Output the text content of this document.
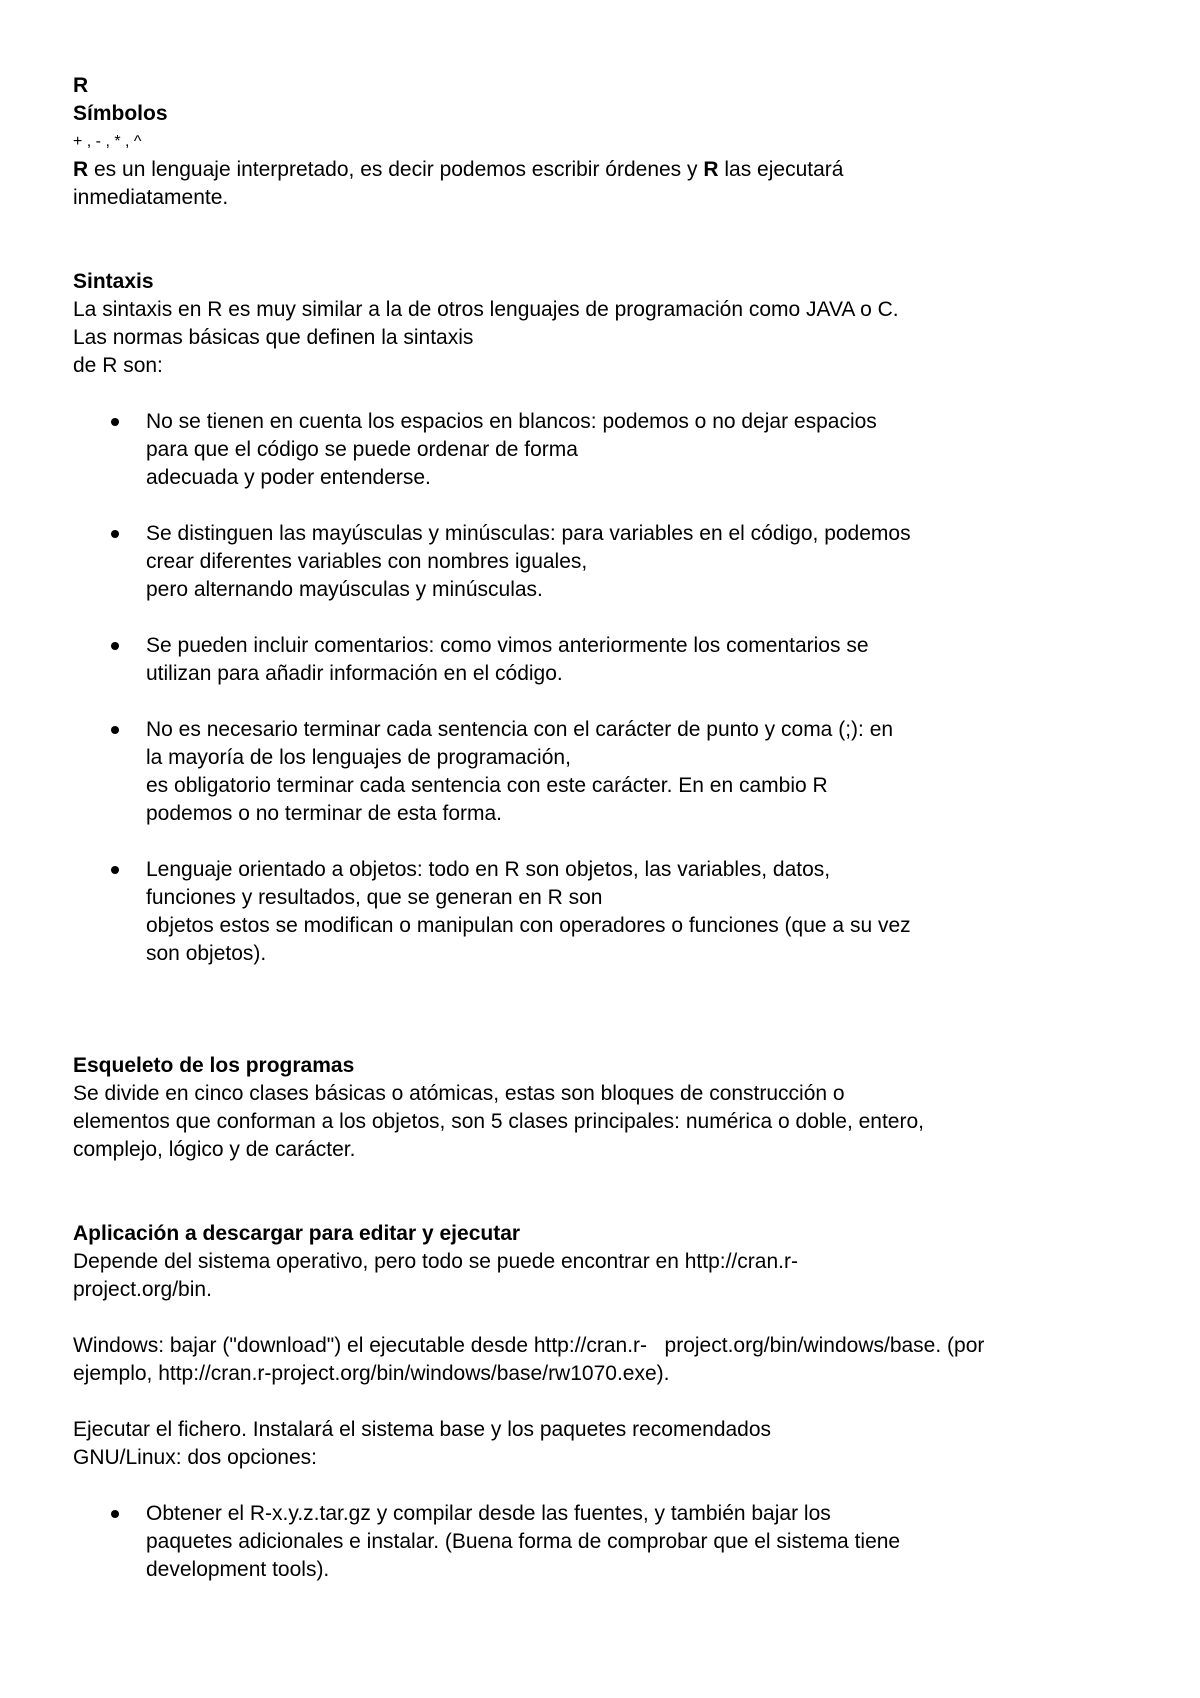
R
Símbolos
+ , - , * , ^
R es un lenguaje interpretado, es decir podemos escribir órdenes y R las ejecutará
inmediatamente.
Sintaxis
La sintaxis en R es muy similar a la de otros lenguajes de programación como JAVA o C.
Las normas básicas que definen la sintaxis
de R son:
No se tienen en cuenta los espacios en blancos: podemos o no dejar espacios
para que el código se puede ordenar de forma
adecuada y poder entenderse.
Se distinguen las mayúsculas y minúsculas: para variables en el código, podemos
crear diferentes variables con nombres iguales,
pero alternando mayúsculas y minúsculas.
Se pueden incluir comentarios: como vimos anteriormente los comentarios se
utilizan para añadir información en el código.
No es necesario terminar cada sentencia con el carácter de punto y coma (;): en
la mayoría de los lenguajes de programación,
es obligatorio terminar cada sentencia con este carácter. En en cambio R
podemos o no terminar de esta forma.
Lenguaje orientado a objetos: todo en R son objetos, las variables, datos,
funciones y resultados, que se generan en R son
objetos estos se modifican o manipulan con operadores o funciones (que a su vez
son objetos).
Esqueleto de los programas
Se divide en cinco clases básicas o atómicas, estas son bloques de construcción o
elementos que conforman a los objetos, son 5 clases principales: numérica o doble, entero,
complejo, lógico y de carácter.
Aplicación a descargar para editar y ejecutar
Depende del sistema operativo, pero todo se puede encontrar en http://cran.r-
project.org/bin.
Windows: bajar ("download") el ejecutable desde http://cran.r-   project.org/bin/windows/base. (por
ejemplo, http://cran.r-project.org/bin/windows/base/rw1070.exe).
Ejecutar el fichero. Instalará el sistema base y los paquetes recomendados
GNU/Linux: dos opciones:
Obtener el R-x.y.z.tar.gz y compilar desde las fuentes, y también bajar los
paquetes adicionales e instalar. (Buena forma de comprobar que el sistema tiene
development tools).
